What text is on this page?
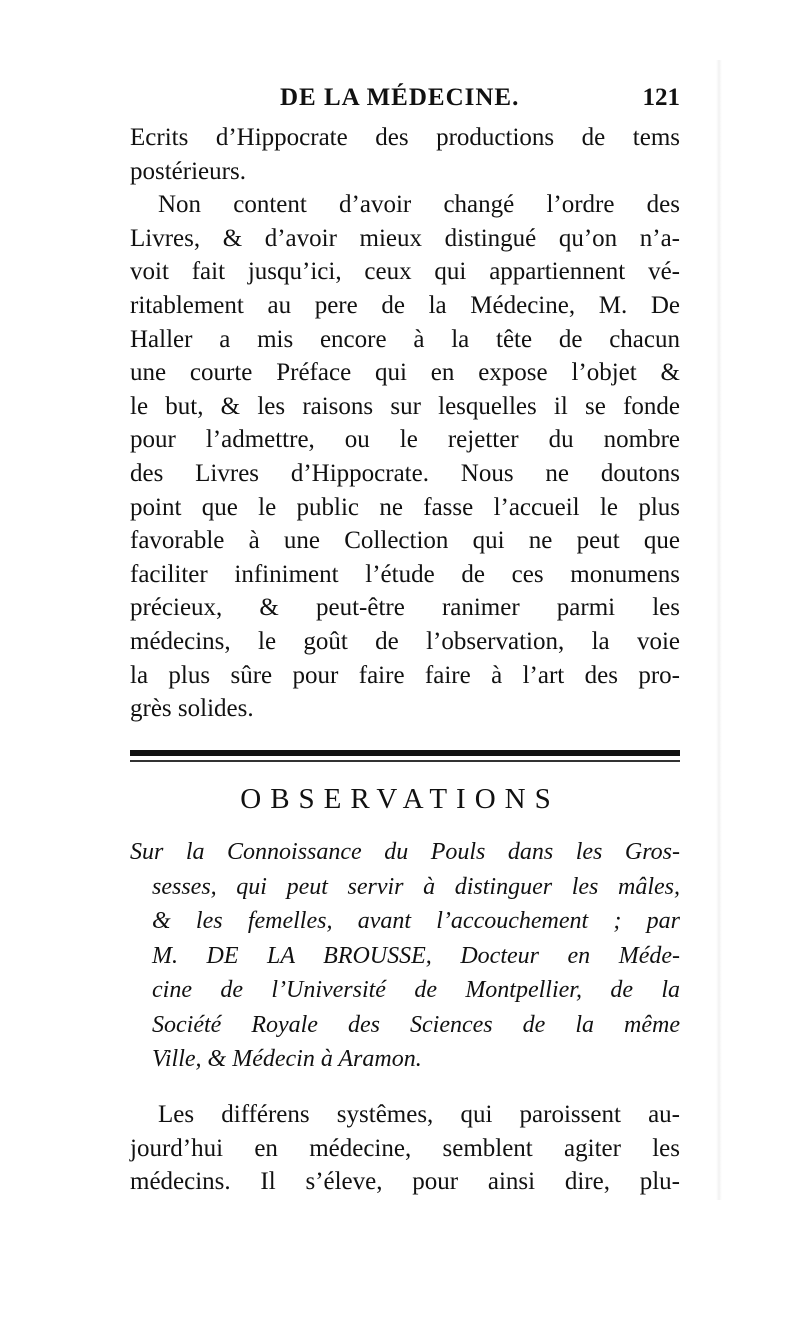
DE LA MÉDECINE.	121
Ecrits d’Hippocrate des productions de tems
postérieurs.
Non content d’avoir changé l’ordre des
Livres, & d’avoir mieux distingué qu’on n’a-
voit fait jusqu’ici, ceux qui appartiennent vé-
ritablement au pere de la Médecine, M. De
Haller a mis encore à la tête de chacun
une courte Préface qui en expose l’objet &
le but, & les raisons sur lesquelles il se fonde
pour l’admettre, ou le rejetter du nombre
des Livres d’Hippocrate. Nous ne doutons
point que le public ne fasse l’accueil le plus
favorable à une Collection qui ne peut que
faciliter infiniment l’étude de ces monumens
précieux, & peut-être ranimer parmi les
médecins, le goût de l’observation, la voie
la plus sûre pour faire faire à l’art des pro-
grès solides.
OBSERVATIONS
Sur la Connoissance du Pouls dans les Gros-
sesses, qui peut servir à distinguer les mâles,
& les femelles, avant l’accouchement ; par
M. DE LA BROUSSE, Docteur en Méde-
cine de l’Université de Montpellier, de la
Société Royale des Sciences de la même
Ville, & Médecin à Aramon.
Les différens systêmes, qui paroissent au-
jourd’hui en médecine, semblent agiter les
médecins. Il s’éleve, pour ainsi dire, plu-
